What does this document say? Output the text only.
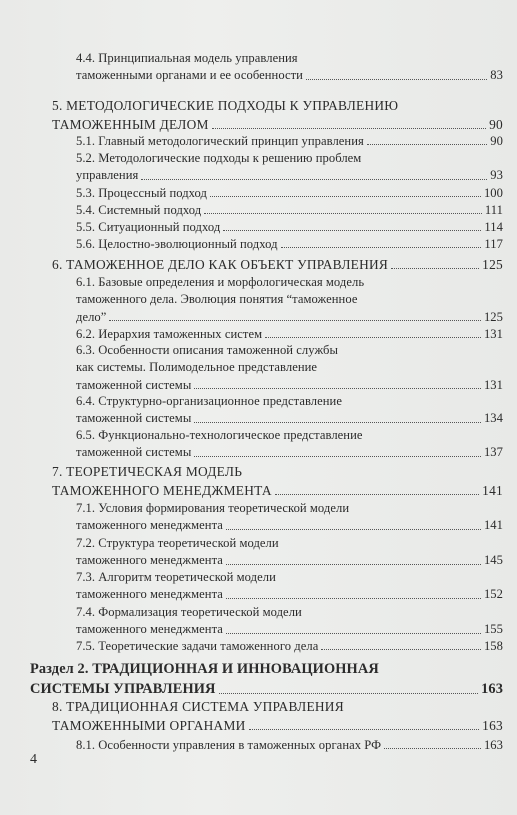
4.4. Принципиальная модель управления
таможенными органами и ее особенности	83
5. МЕТОДОЛОГИЧЕСКИЕ ПОДХОДЫ К УПРАВЛЕНИЮ
ТАМОЖЕННЫМ ДЕЛОМ	90
5.1. Главный методологический принцип управления	90
5.2. Методологические подходы к решению проблем
управления	93
5.3. Процессный подход	100
5.4. Системный подход	111
5.5. Ситуационный подход	114
5.6. Целостно-эволюционный подход	117
6. ТАМОЖЕННОЕ ДЕЛО КАК ОБЪЕКТ УПРАВЛЕНИЯ	125
6.1. Базовые определения и морфологическая модель
таможенного дела. Эволюция понятия “таможенное
дело”	125
6.2. Иерархия таможенных систем	131
6.3. Особенности описания таможенной службы
как системы. Полимодельное представление
таможенной системы	131
6.4. Структурно-организационное представление
таможенной системы	134
6.5. Функционально-технологическое представление
таможенной системы	137
7. ТЕОРЕТИЧЕСКАЯ МОДЕЛЬ
ТАМОЖЕННОГО МЕНЕДЖМЕНТА	141
7.1. Условия формирования теоретической модели
таможенного менеджмента	141
7.2. Структура теоретической модели
таможенного менеджмента	145
7.3. Алгоритм теоретической модели
таможенного менеджмента	152
7.4. Формализация теоретической модели
таможенного менеджмента	155
7.5. Теоретические задачи таможенного дела	158
Раздел 2. ТРАДИЦИОННАЯ И ИННОВАЦИОННАЯ
СИСТЕМЫ УПРАВЛЕНИЯ	163
8. ТРАДИЦИОННАЯ СИСТЕМА УПРАВЛЕНИЯ
ТАМОЖЕННЫМИ ОРГАНАМИ	163
8.1. Особенности управления в таможенных органах РФ	163
4
